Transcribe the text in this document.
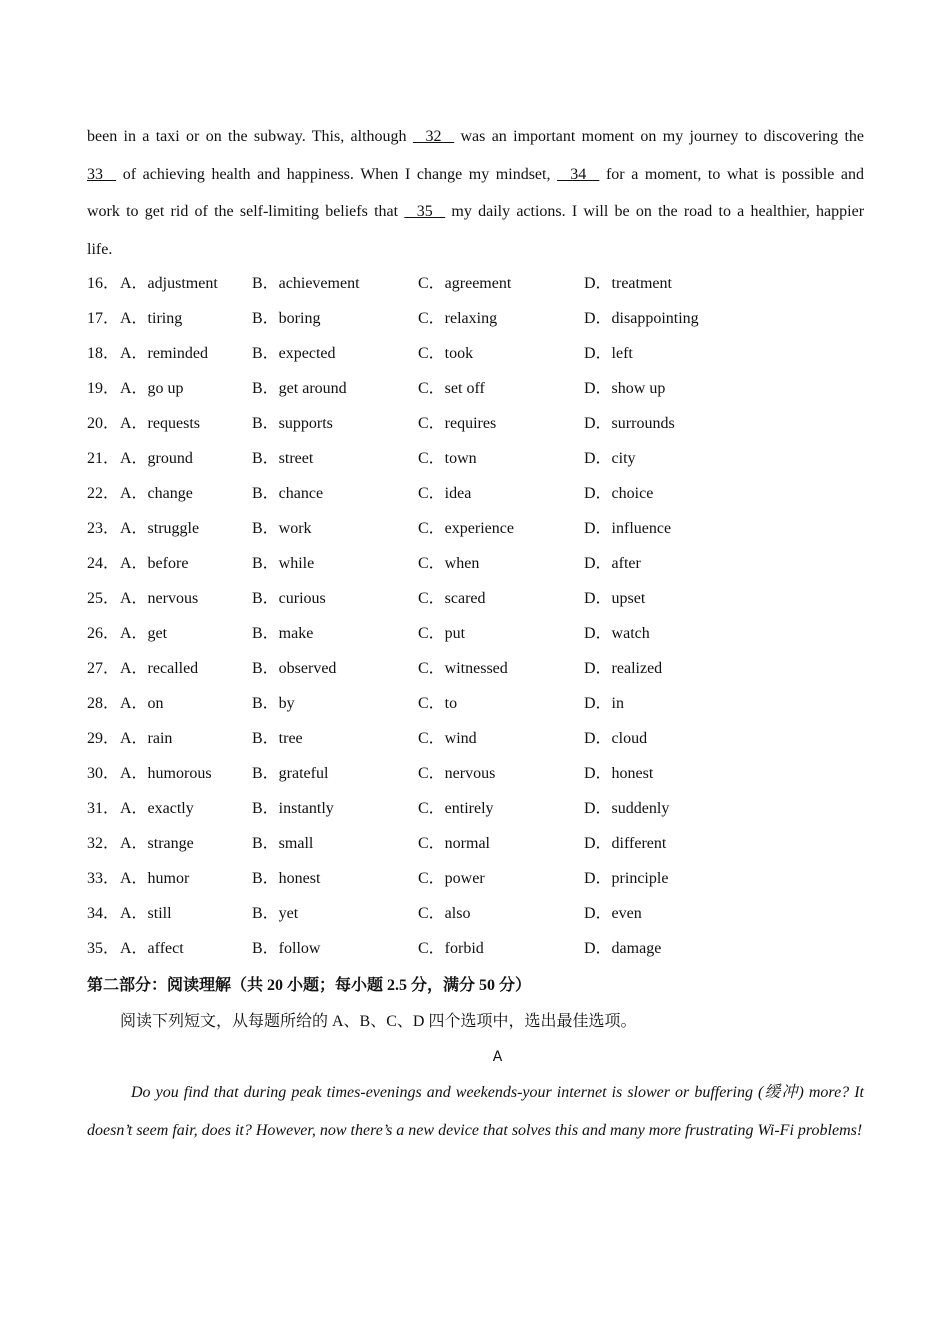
been in a taxi or on the subway. This, although   32   was an important moment on my journey to discovering the
33   of achieving health and happiness. When I change my mindset,   34   for a moment, to what is possible and
work to get rid of the self-limiting beliefs that   35   my daily actions. I will be on the road to a healthier, happier
life.
16． A．adjustment B．achievement	C．agreement	D．treatment
17． A．tiring	B．boring	C．relaxing	D．disappointing
18． A．reminded	B．expected	C．took	D．left
19． A．go up	B．get around	C．set off	D．show up
20． A．requests	B．supports	C．requires	D．surrounds
21． A．ground	B．street	C．town	D．city
22． A．change	B．chance	C．idea	D．choice
23． A．struggle	B．work	C．experience	D．influence
24． A．before	B．while	C．when	D．after
25． A．nervous	B．curious	C．scared	D．upset
26． A．get	B．make	C．put	D．watch
27． A．recalled	B．observed	C．witnessed	D．realized
28． A．on	B．by	C．to	D．in
29． A．rain	B．tree	C．wind	D．cloud
30． A．humorous	B．grateful	C．nervous	D．honest
31． A．exactly	B．instantly	C．entirely	D．suddenly
32． A．strange	B．small	C．normal	D．different
33． A．humor	B．honest	C．power	D．principle
34． A．still	B．yet	C．also	D．even
35． A．affect	B．follow	C．forbid	D．damage
第二部分：阅读理解（共 20 小题；每小题 2.5 分，满分 50 分）
阅读下列短文，从每题所给的 A、B、C、D 四个选项中，选出最佳选项。
A
Do you find that during peak times-evenings and weekends-your internet is slower or buffering (缓冲) more? It doesn’t seem fair, does it? However, now there’s a new device that solves this and many more frustrating Wi-Fi problems!
